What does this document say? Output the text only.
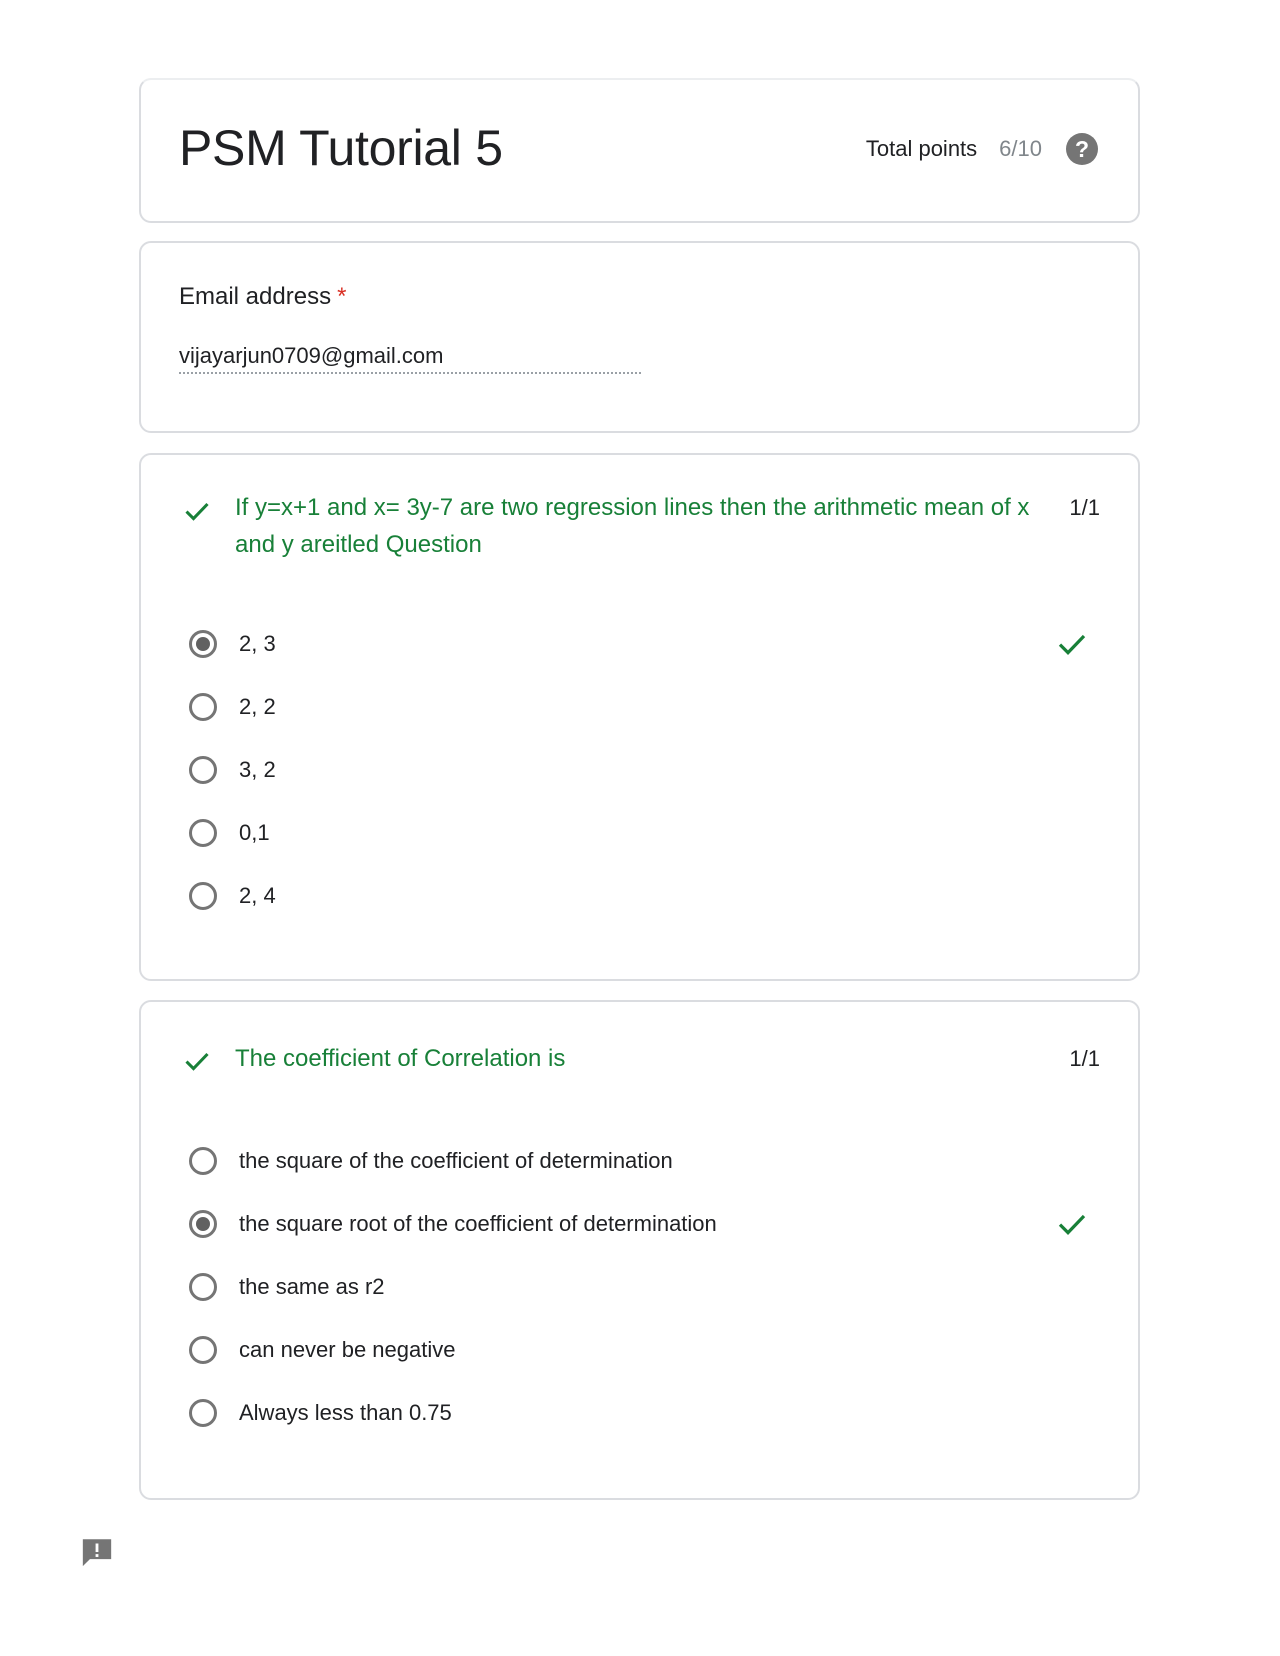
PSM Tutorial 5	Total points 6/10	?
Email address *
vijayarjun0709@gmail.com
If y=x+1 and x= 3y-7 are two regression lines then the arithmetic mean of x and y areitled Question
1/1
2, 3
2, 2
3, 2
0,1
2, 4
The coefficient of Correlation is	1/1
the square of the coefficient of determination
the square root of the coefficient of determination
the same as r2
can never be negative
Always less than 0.75
